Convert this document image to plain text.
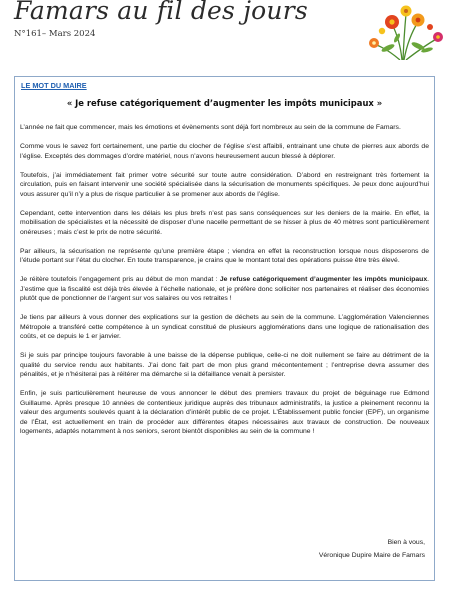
Famars au fil des jours
N°161– Mars 2024
LE MOT DU MAIRE
« Je refuse catégoriquement d’augmenter les impôts municipaux »

L’année ne fait que commencer, mais les émotions et évènements sont déjà fort nombreux au sein de la commune de Famars.

Comme vous le savez fort certainement, une partie du clocher de l’église s’est affaibli, entrainant une chute de pierres aux abords de l’église. Exceptés des dommages d’ordre matériel, nous n’avons heureusement aucun blessé à déplorer.

Toutefois, j’ai immédiatement fait primer votre sécurité sur toute autre considération. D’abord en restreignant très fortement la circulation, puis en faisant intervenir une société spécialisée dans la sécurisation de monuments spécifiques. Je peux donc aujourd’hui vous assurer qu’il n’y a plus de risque particulier à se promener aux abords de l’église.

Cependant, cette intervention dans les délais les plus brefs n’est pas sans conséquences sur les deniers de la mairie. En effet, la mobilisation de spécialistes et la nécessité de disposer d’une nacelle permettant de se hisser à plus de 40 mètres sont particulièrement onéreuses ; mais c’est le prix de notre sécurité.

Par ailleurs, la sécurisation ne représente qu’une première étape ; viendra en effet la reconstruction lorsque nous disposerons de l’étude portant sur l’état du clocher. En toute transparence, je crains que le montant total des opérations puisse être très élevé.

Je réitère toutefois l’engagement pris au début de mon mandat : Je refuse catégoriquement d’augmenter les impôts municipaux. J’estime que la fiscalité est déjà très élevée à l’échelle nationale, et je préfère donc solliciter nos partenaires et réaliser des économies plutôt que de ponctionner de l’argent sur vos salaires ou vos retraites !

Je tiens par ailleurs à vous donner des explications sur la gestion de déchets au sein de la commune. L’agglomération Valenciennes Métropole a transféré cette compétence à un syndicat constitué de plusieurs agglomérations dans une logique de rationalisation des coûts, et ce depuis le 1 er janvier.

Si je suis par principe toujours favorable à une baisse de la dépense publique, celle-ci ne doit nullement se faire au détriment de la qualité du service rendu aux habitants. J’ai donc fait part de mon plus grand mécontentement ; l’entreprise devra assumer des pénalités, et je n’hésiterai pas à réitérer ma démarche si la défaillance venait à persister.

Enfin, je suis particulièrement heureuse de vous annoncer le début des premiers travaux du projet de béguinage rue Edmond Guillaume. Après presque 10 années de contentieux juridique auprès des tribunaux administratifs, la justice a pleinement reconnu la valeur des arguments soulevés quant à la déclaration d’intérêt public de ce projet. L’Établissement public foncier (EPF), un organisme de l’État, est actuellement en train de procéder aux différentes étapes nécessaires aux travaux de construction. De nouveaux logements, adaptés notamment à nos seniors, seront bientôt disponibles au sein de la commune !

Bien à vous,
Véronique Dupire Maire de Famars
